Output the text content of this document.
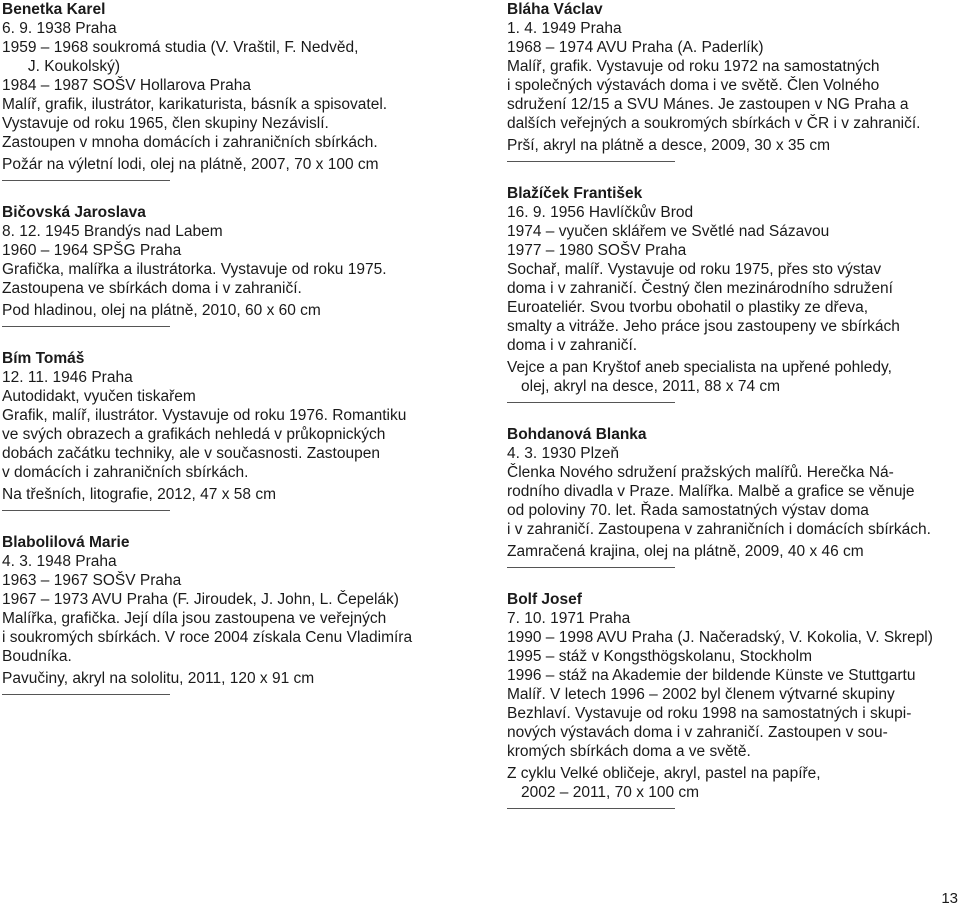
Benetka Karel
6. 9. 1938 Praha
1959 – 1968 soukromá studia (V. Vraštil, F. Nedvěd,
J. Koukolský)
1984 – 1987 SOŠV Hollarova Praha
Malíř, grafik, ilustrátor, karikaturista, básník a spisovatel.
Vystavuje od roku 1965, člen skupiny Nezávislí.
Zastoupen v mnoha domácích i zahraničních sbírkách.
Požár na výletní lodi, olej na plátně, 2007, 70 x 100 cm
Bičovská Jaroslava
8. 12. 1945 Brandýs nad Labem
1960 – 1964 SPŠG Praha
Grafička, malířka a ilustrátorka. Vystavuje od roku 1975.
Zastoupena ve sbírkách doma i v zahraničí.
Pod hladinou, olej na plátně, 2010, 60 x 60 cm
Bím Tomáš
12. 11. 1946 Praha
Autodidakt, vyučen tiskařem
Grafik, malíř, ilustrátor. Vystavuje od roku 1976. Romantiku
ve svých obrazech a grafikách nehledá v průkopnických
dobách začátku techniky, ale v současnosti. Zastoupen
v domácích i zahraničních sbírkách.
Na třešních, litografie, 2012, 47 x 58 cm
Blabolilová Marie
4. 3. 1948 Praha
1963 – 1967 SOŠV Praha
1967 – 1973 AVU Praha (F. Jiroudek, J. John, L. Čepelák)
Malířka, grafička. Její díla jsou zastoupena ve veřejných
i soukromých sbírkách. V roce 2004 získala Cenu Vladimíra
Boudníka.
Pavučiny, akryl na sololitu, 2011, 120 x 91 cm
Bláha Václav
1. 4. 1949 Praha
1968 – 1974 AVU Praha (A. Paderlík)
Malíř, grafik. Vystavuje od roku 1972 na samostatných
i společných výstavách doma i ve světě. Člen Volného
sdružení 12/15 a SVU Mánes. Je zastoupen v NG Praha a
dalších veřejných a soukromých sbírkách v ČR i v zahraničí.
Prší, akryl na plátně a desce, 2009, 30 x 35 cm
Blažíček František
16. 9. 1956 Havlíčkův Brod
1974 – vyučen sklářem ve Světlé nad Sázavou
1977 – 1980 SOŠV Praha
Sochař, malíř. Vystavuje od roku 1975, přes sto výstav
doma i v zahraničí. Čestný člen mezinárodního sdružení
Euroateliér. Svou tvorbu obohatil o plastiky ze dřeva,
smalty a vitráže. Jeho práce jsou zastoupeny ve sbírkách
doma i v zahraničí.
Vejce a pan Kryštof aneb specialista na upřené pohledy,
olej, akryl na desce, 2011, 88 x 74 cm
Bohdanová Blanka
4. 3. 1930 Plzeň
Členka Nového sdružení pražských malířů. Herečka Ná-
rodního divadla v Praze. Malířka. Malbě a grafice se věnuje
od poloviny 70. let. Řada samostatných výstav doma
i v zahraničí. Zastoupena v zahraničních i domácích sbírkách.
Zamračená krajina, olej na plátně, 2009, 40 x 46 cm
Bolf Josef
7. 10. 1971 Praha
1990 – 1998 AVU Praha (J. Načeradský, V. Kokolia, V. Skrepl)
1995 – stáž v Kongsthögskolanu, Stockholm
1996 – stáž na Akademie der bildende Künste ve Stuttgartu
Malíř. V letech 1996 – 2002 byl členem výtvarné skupiny
Bezhlaví. Vystavuje od roku 1998 na samostatných i skupi-
nových výstavách doma i v zahraničí. Zastoupen v sou-
kromých sbírkách doma a ve světě.
Z cyklu Velké obličeje, akryl, pastel na papíře,
2002 – 2011, 70 x 100 cm
13
